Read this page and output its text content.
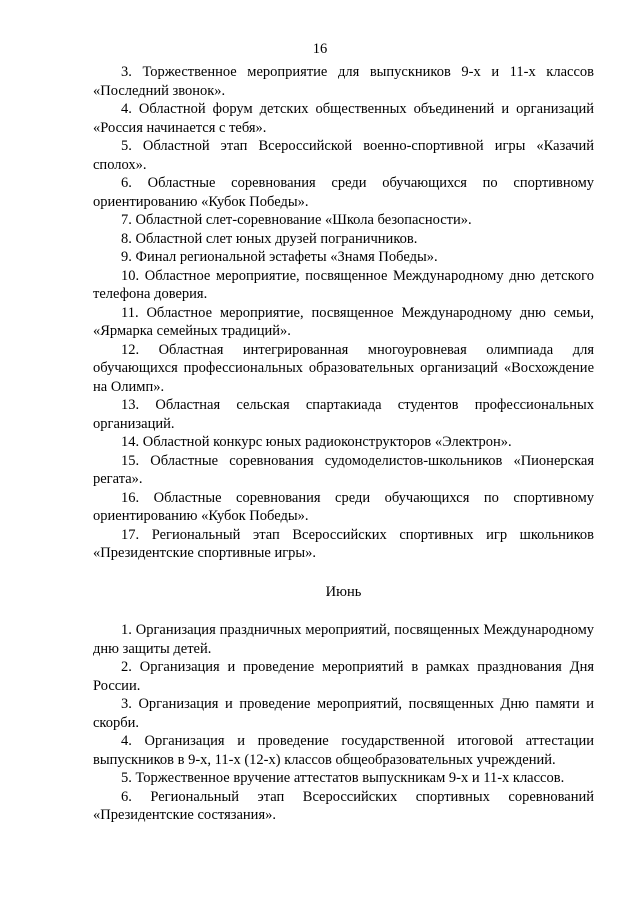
16

3. Торжественное мероприятие для выпускников 9-х и 11-х классов «Последний звонок».

4. Областной форум детских общественных объединений и организаций «Россия начинается с тебя».

5. Областной этап Всероссийской военно-спортивной игры «Казачий сполох».

6. Областные соревнования среди обучающихся по спортивному ориентированию «Кубок Победы».

7. Областной слет-соревнование «Школа безопасности».

8. Областной слет юных друзей пограничников.

9. Финал региональной эстафеты «Знамя Победы».

10. Областное мероприятие, посвященное Международному дню детского телефона доверия.

11. Областное мероприятие, посвященное Международному дню семьи, «Ярмарка семейных традиций».

12. Областная интегрированная многоуровневая олимпиада для обучающихся профессиональных образовательных организаций «Восхождение на Олимп».

13. Областная сельская спартакиада студентов профессиональных организаций.

14. Областной конкурс юных радиоконструкторов «Электрон».

15. Областные соревнования судомоделистов-школьников «Пионерская регата».

16. Областные соревнования среди обучающихся по спортивному ориентированию «Кубок Победы».

17. Региональный этап Всероссийских спортивных игр школьников «Президентские спортивные игры».

Июнь

1. Организация праздничных мероприятий, посвященных Международному дню защиты детей.

2. Организация и проведение мероприятий в рамках празднования Дня России.

3. Организация и проведение мероприятий, посвященных Дню памяти и скорби.

4. Организация и проведение государственной итоговой аттестации выпускников в 9-х, 11-х (12-х) классов общеобразовательных учреждений.

5. Торжественное вручение аттестатов выпускникам 9-х и 11-х классов.

6. Региональный этап Всероссийских спортивных соревнований «Президентские состязания».
